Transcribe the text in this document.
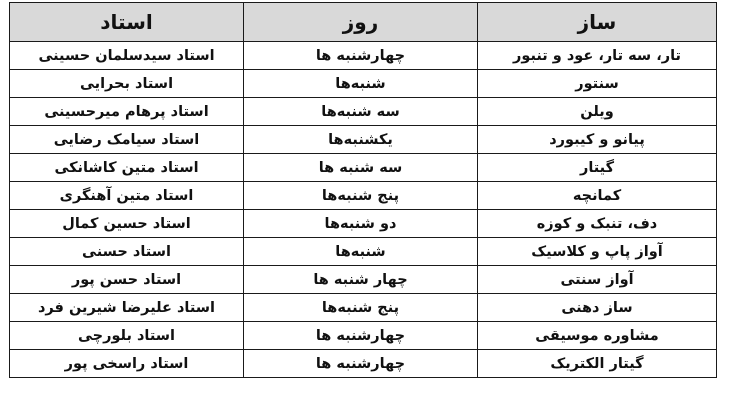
ساز	روز	استاد
تار، سه تار، عود و تنبور	چهارشنبه ها	استاد سیدسلمان حسینی
سنتور	شنبه‌ها	استاد بحرایی
ویلن	سه شنبه‌ها	استاد پرهام میرحسینی
پیانو و کیبورد	یکشنبه‌ها	استاد سیامک رضایی
گیتار	سه شنبه ها	استاد متین کاشانکی
کمانچه	پنج شنبه‌ها	استاد متین آهنگری
دف، تنبک و کوزه	دو شنبه‌ها	استاد حسین کمال
آواز پاپ و کلاسیک	شنبه‌ها	استاد حسنی
آواز سنتی	چهار شنبه ها	استاد حسن پور
ساز دهنی	پنج شنبه‌ها	استاد علیرضا شیرین فرد
مشاوره موسیقی	چهارشنبه ها	استاد بلورچی
گیتار الکتریک	چهارشنبه ها	استاد راسخی پور
